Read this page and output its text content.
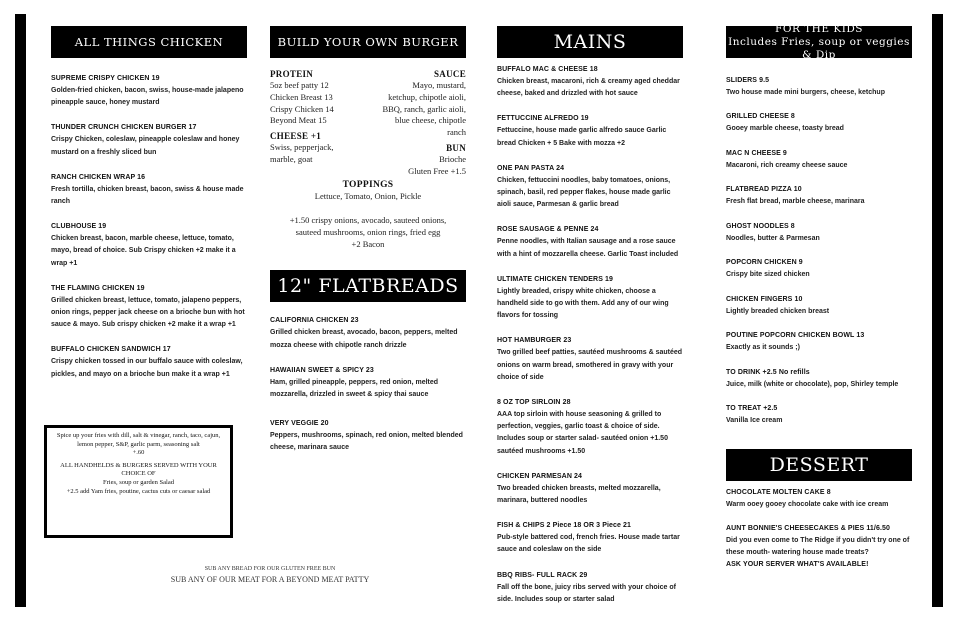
ALL THINGS CHICKEN
SUPREME CRISPY CHICKEN 19
Golden-fried chicken, bacon, swiss, house-made jalapeno pineapple sauce, honey mustard
THUNDER CRUNCH CHICKEN BURGER 17
Crispy Chicken, coleslaw, pineapple coleslaw and honey mustard on a freshly sliced bun
RANCH CHICKEN WRAP 16
Fresh tortilla, chicken breast, bacon, swiss & house made ranch
CLUBHOUSE 19
Chicken breast, bacon, marble cheese, lettuce, tomato, mayo, bread of choice. Sub Crispy chicken +2 make it a wrap +1
THE FLAMING CHICKEN 19
Grilled chicken breast, lettuce, tomato, jalapeno peppers, onion rings, pepper jack cheese on a brioche bun with hot sauce & mayo. Sub crispy chicken +2 make it a wrap +1
BUFFALO CHICKEN SANDWICH 17
Crispy chicken tossed in our buffalo sauce with coleslaw, pickles, and mayo on a brioche bun make it a wrap +1

Spice up your fries with dill, salt & vinegar, ranch, taco, cajun, lemon pepper, S&P, garlic parm, seasoning salt

+.60

ALL HANDHELDS & BURGERS SERVED WITH YOUR CHOICE OF

Fries, soup or garden Salad

+2.5 add Yam fries, poutine, cactus cuts or caesar salad

SUB ANY BREAD FOR OUR GLUTEN FREE BUN
SUB ANY OF OUR MEAT FOR A BEYOND MEAT PATTY
BUILD YOUR OWN BURGER
PROTEIN
5oz beef patty 12
Chicken Breast 13
Crispy Chicken 14
Beyond Meat 15
SAUCE
Mayo, mustard,
ketchup, chipotle aioli,
BBQ, ranch, garlic aioli,
blue cheese, chipotle
ranch
CHEESE +1
Swiss, pepperjack,
marble, goat
BUN
Brioche
Gluten Free +1.5
TOPPINGS
Lettuce, Tomato, Onion, Pickle
+1.50 crispy onions, avocado, sauteed onions,
sauteed mushrooms, onion rings, fried egg
+2 Bacon
12" FLATBREADS
CALIFORNIA CHICKEN 23
Grilled chicken breast, avocado, bacon, peppers, melted mozza cheese with chipotle ranch drizzle
HAWAIIAN SWEET & SPICY 23
Ham, grilled pineapple, peppers, red onion, melted mozzarella, drizzled in sweet & spicy thai sauce
VERY VEGGIE 20
Peppers, mushrooms, spinach, red onion, melted blended cheese, marinara sauce
MAINS
BUFFALO MAC & CHEESE 18
Chicken breast, macaroni, rich & creamy aged cheddar cheese, baked and drizzled with hot sauce
FETTUCCINE ALFREDO 19
Fettuccine, house made garlic alfredo sauce Garlic bread Chicken + 5 Bake with mozza +2
ONE PAN PASTA 24
Chicken, fettuccini noodles, baby tomatoes, onions, spinach, basil, red pepper flakes, house made garlic aioli sauce, Parmesan & garlic bread
ROSE SAUSAGE & PENNE 24
Penne noodles, with Italian sausage and a rose sauce with a hint of mozzarella cheese. Garlic Toast included
ULTIMATE CHICKEN TENDERS 19
Lightly breaded, crispy white chicken, choose a handheld side to go with them. Add any of our wing flavors for tossing
HOT HAMBURGER 23
Two grilled beef patties, sautéed mushrooms & sautéed onions on warm bread, smothered in gravy with your choice of side
8 OZ TOP SIRLOIN 28
AAA top sirloin with house seasoning & grilled to perfection, veggies, garlic toast & choice of side. Includes soup or starter salad- sautéed onion +1.50 sautéed mushrooms +1.50
CHICKEN PARMESAN 24
Two breaded chicken breasts, melted mozzarella, marinara, buttered noodles
FISH & CHIPS 2 Piece 18 OR 3 Piece 21
Pub-style battered cod, french fries. House made tartar sauce and coleslaw on the side
BBQ RIBS- FULL RACK 29
Fall off the bone, juicy ribs served with your choice of side. Includes soup or starter salad
FOR THE KIDS
Includes Fries, soup or veggies & Dip
SLIDERS 9.5
Two house made mini burgers, cheese, ketchup
GRILLED CHEESE 8
Gooey marble cheese, toasty bread
MAC N CHEESE 9
Macaroni, rich creamy cheese sauce
FLATBREAD PIZZA 10
Fresh flat bread, marble cheese, marinara
GHOST NOODLES 8
Noodles, butter & Parmesan
POPCORN CHICKEN 9
Crispy bite sized chicken
CHICKEN FINGERS 10
Lightly breaded chicken breast
POUTINE POPCORN CHICKEN BOWL 13
Exactly as it sounds ;)
TO DRINK +2.5 No refills
Juice, milk (white or chocolate), pop, Shirley temple
TO TREAT +2.5
Vanilla Ice cream
DESSERT
CHOCOLATE MOLTEN CAKE 8
Warm ooey gooey chocolate cake with ice cream
AUNT BONNIE'S CHEESECAKES & PIES 11/6.50
Did you even come to The Ridge if you didn't try one of these mouth- watering house made treats?
ASK YOUR SERVER WHAT'S AVAILABLE!
